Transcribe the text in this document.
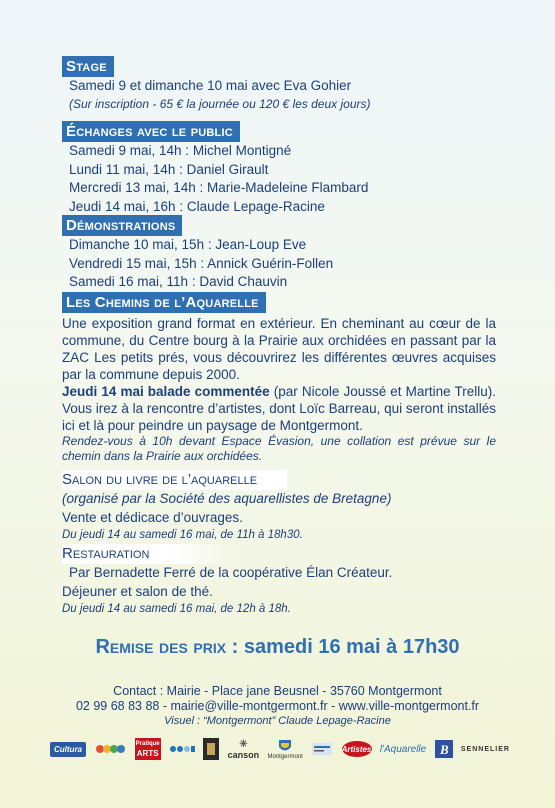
Stage
Samedi 9 et dimanche 10 mai avec Eva Gohier
(Sur inscription - 65 € la journée ou 120 € les deux jours)
Échanges avec le public
Samedi 9 mai, 14h : Michel Montigné
Lundi 11 mai, 14h : Daniel Girault
Mercredi 13 mai, 14h : Marie-Madeleine Flambard
Jeudi 14 mai, 16h : Claude Lepage-Racine
Démonstrations
Dimanche 10 mai, 15h : Jean-Loup Eve
Vendredi 15 mai, 15h : Annick Guérin-Follen
Samedi 16 mai, 11h : David Chauvin
Les Chemins de l’Aquarelle
Une exposition grand format en extérieur. En cheminant au cœur de la commune, du Centre bourg à la Prairie aux orchidées en passant par la ZAC Les petits prés, vous découvrirez les différentes œuvres acquises par la commune depuis 2000.
Jeudi 14 mai balade commentée (par Nicole Joussé et Martine Trellu). Vous irez à la rencontre d’artistes, dont Loïc Barreau, qui seront installés ici et là pour peindre un paysage de Montgermont.
Rendez-vous à 10h devant Espace Évasion, une collation est prévue sur le chemin dans la Prairie aux orchidées.
Salon du livre de l’aquarelle
(organisé par la Société des aquarellistes de Bretagne)
Vente et dédicace d’ouvrages.
Du jeudi 14 au samedi 16 mai, de 11h à 18h30.
Restauration
Par Bernadette Ferré de la coopérative Élan Créateur.
Déjeuner et salon de thé.
Du jeudi 14 au samedi 16 mai, de 12h à 18h.
Remise des prix : samedi 16 mai à 17h30
Contact : Mairie - Place jane Beusnel - 35760 Montgermont
02 99 68 83 88 - mairie@ville-montgermont.fr - www.ville-montgermont.fr
Visuel : “Montgermont” Claude Lepage-Racine
Cultura
Pratique
ARTS
✳
canson Montgermont
Artistes l'Aquarelle B SENNELIER
